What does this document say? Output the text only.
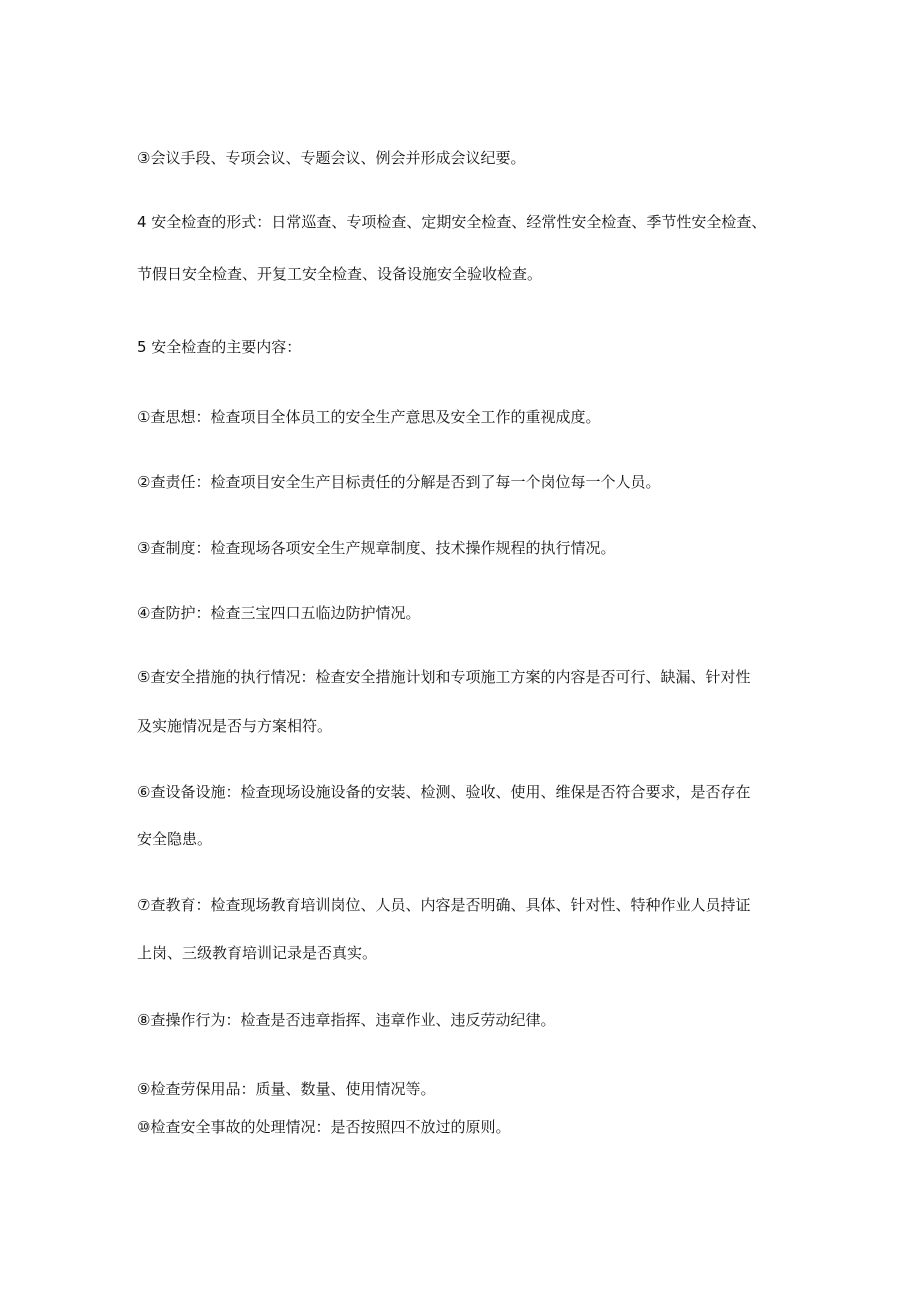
③会议手段、专项会议、专题会议、例会并形成会议纪要。
4 安全检查的形式：日常巡查、专项检查、定期安全检查、经常性安全检查、季节性安全检查、
节假日安全检查、开复工安全检查、设备设施安全验收检查。
5 安全检查的主要内容：
①查思想：检查项目全体员工的安全生产意思及安全工作的重视成度。
②查责任：检查项目安全生产目标责任的分解是否到了每一个岗位每一个人员。
③查制度：检查现场各项安全生产规章制度、技术操作规程的执行情况。
④查防护：检查三宝四口五临边防护情况。
⑤查安全措施的执行情况：检查安全措施计划和专项施工方案的内容是否可行、缺漏、针对性
及实施情况是否与方案相符。
⑥查设备设施：检查现场设施设备的安装、检测、验收、使用、维保是否符合要求，是否存在
安全隐患。
⑦查教育：检查现场教育培训岗位、人员、内容是否明确、具体、针对性、特种作业人员持证
上岗、三级教育培训记录是否真实。
⑧查操作行为：检查是否违章指挥、违章作业、违反劳动纪律。
⑨检查劳保用品：质量、数量、使用情况等。
⑩检查安全事故的处理情况：是否按照四不放过的原则。
